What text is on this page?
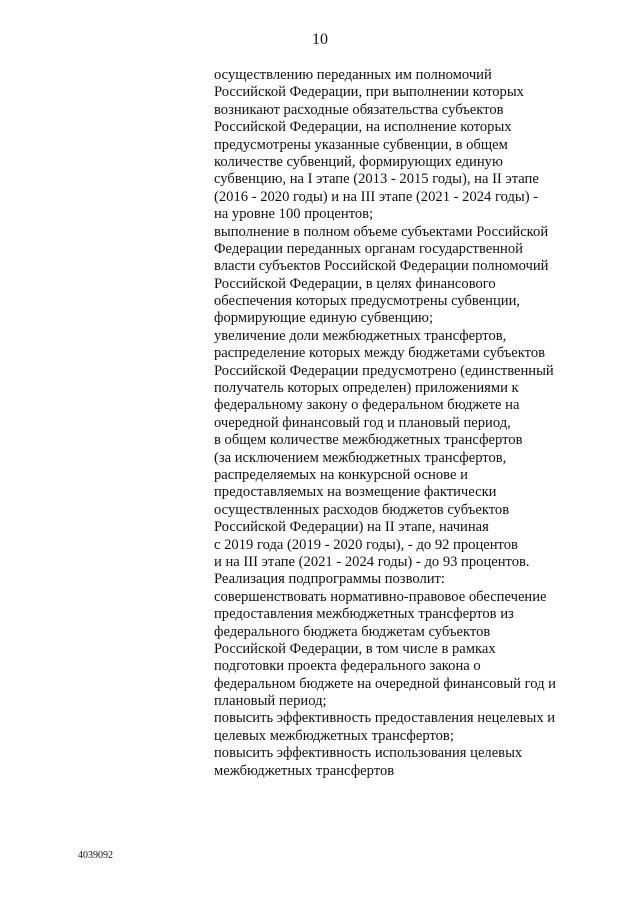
10
осуществлению переданных им полномочий
Российской Федерации, при выполнении которых
возникают расходные обязательства субъектов
Российской Федерации, на исполнение которых
предусмотрены указанные субвенции, в общем
количестве субвенций, формирующих единую
субвенцию, на I этапе (2013 - 2015 годы), на II этапе
(2016 - 2020 годы) и на III этапе (2021 - 2024 годы) -
на уровне 100 процентов;
выполнение в полном объеме субъектами Российской
Федерации переданных органам государственной
власти субъектов Российской Федерации полномочий
Российской Федерации, в целях финансового
обеспечения которых предусмотрены субвенции,
формирующие единую субвенцию;
увеличение доли межбюджетных трансфертов,
распределение которых между бюджетами субъектов
Российской Федерации предусмотрено (единственный
получатель которых определен) приложениями к
федеральному закону о федеральном бюджете на
очередной финансовый год и плановый период,
в общем количестве межбюджетных трансфертов
(за исключением межбюджетных трансфертов,
распределяемых на конкурсной основе и
предоставляемых на возмещение фактически
осуществленных расходов бюджетов субъектов
Российской Федерации) на II этапе, начиная
с 2019 года (2019 - 2020 годы), - до 92 процентов
и на III этапе (2021 - 2024 годы) - до 93 процентов.
Реализация подпрограммы позволит:
совершенствовать нормативно-правовое обеспечение
предоставления межбюджетных трансфертов из
федерального бюджета бюджетам субъектов
Российской Федерации, в том числе в рамках
подготовки проекта федерального закона о
федеральном бюджете на очередной финансовый год и
плановый период;
повысить эффективность предоставления нецелевых и
целевых межбюджетных трансфертов;
повысить эффективность использования целевых
межбюджетных трансфертов
4039092
